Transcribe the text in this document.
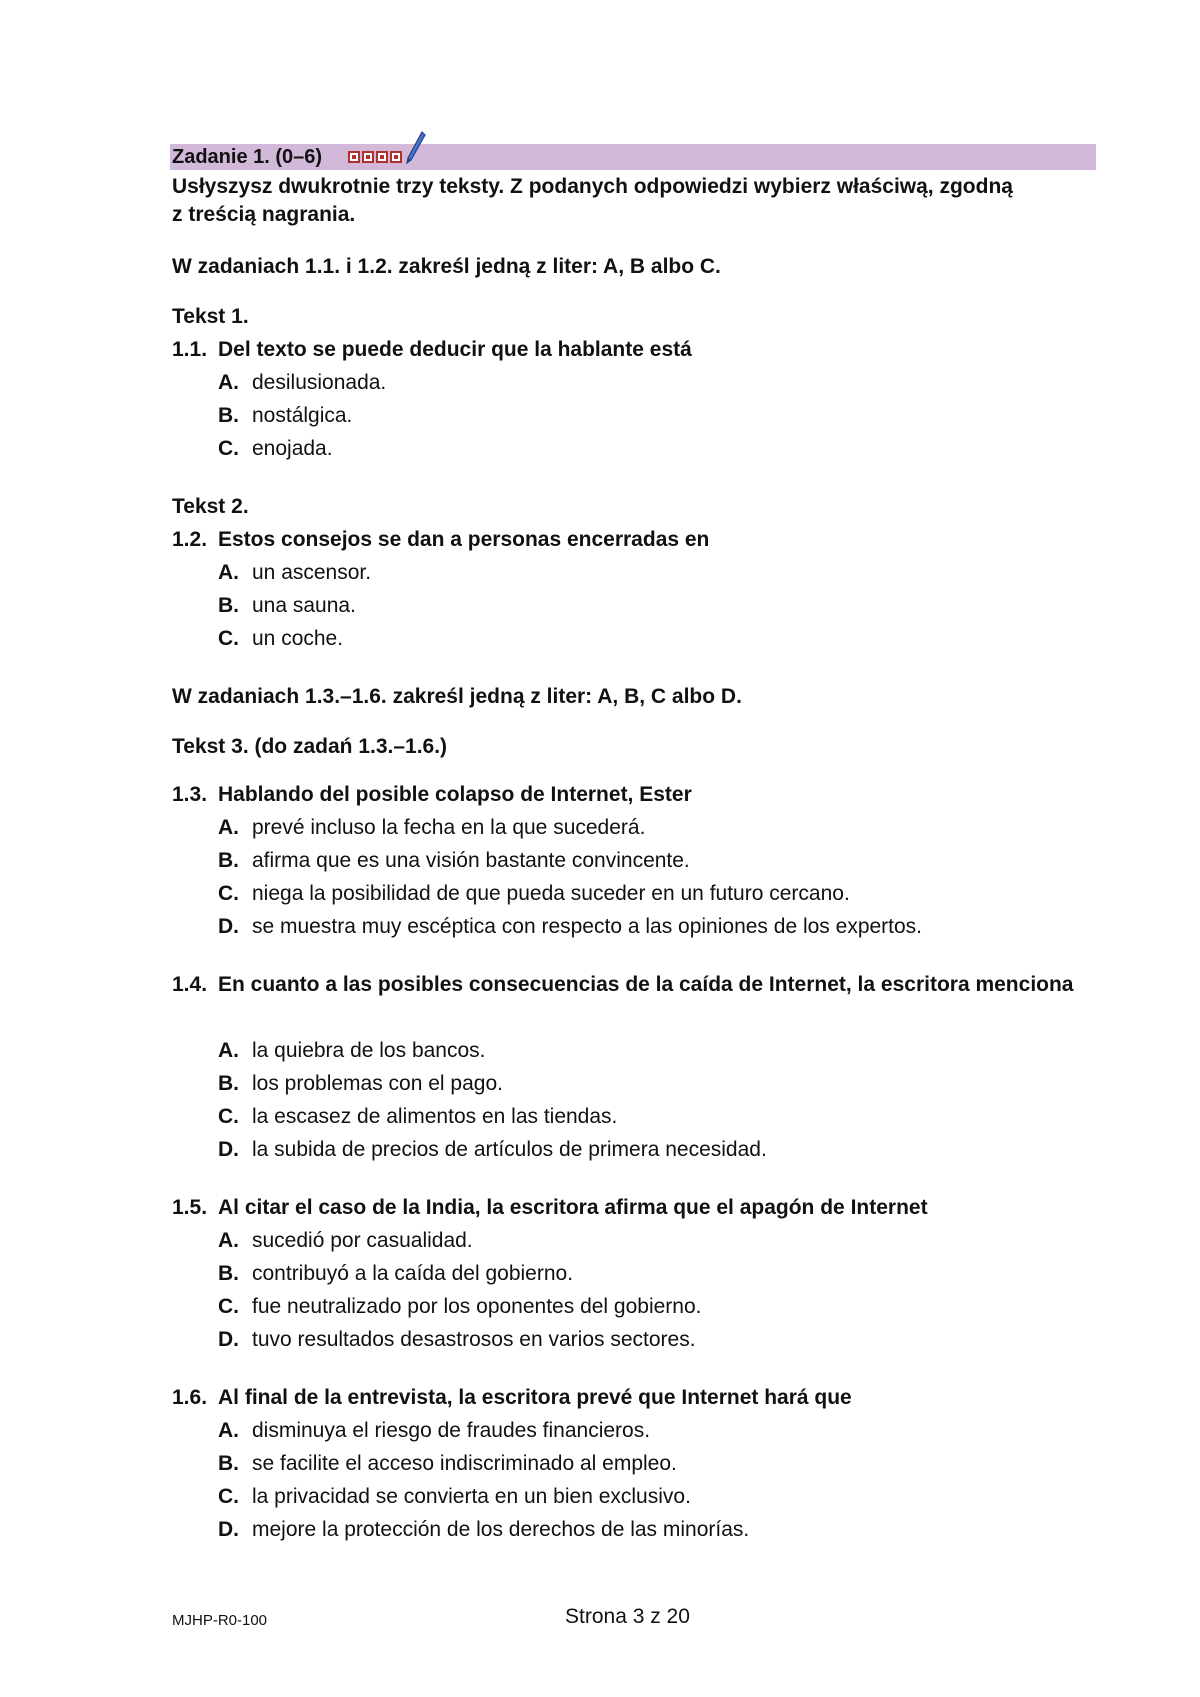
Zadanie 1. (0–6)
Usłyszysz dwukrotnie trzy teksty. Z podanych odpowiedzi wybierz właściwą, zgodną
z treścią nagrania.
W zadaniach 1.1. i 1.2. zakreśl jedną z liter: A, B albo C.
Tekst 1.
1.1. Del texto se puede deducir que la hablante está
A. desilusionada.
B. nostálgica.
C. enojada.
Tekst 2.
1.2. Estos consejos se dan a personas encerradas en
A. un ascensor.
B. una sauna.
C. un coche.
W zadaniach 1.3.–1.6. zakreśl jedną z liter: A, B, C albo D.
Tekst 3. (do zadań 1.3.–1.6.)
1.3. Hablando del posible colapso de Internet, Ester
A. prevé incluso la fecha en la que sucederá.
B. afirma que es una visión bastante convincente.
C. niega la posibilidad de que pueda suceder en un futuro cercano.
D. se muestra muy escéptica con respecto a las opiniones de los expertos.
1.4. En cuanto a las posibles consecuencias de la caída de Internet, la escritora menciona
A. la quiebra de los bancos.
B. los problemas con el pago.
C. la escasez de alimentos en las tiendas.
D. la subida de precios de artículos de primera necesidad.
1.5. Al citar el caso de la India, la escritora afirma que el apagón de Internet
A. sucedió por casualidad.
B. contribuyó a la caída del gobierno.
C. fue neutralizado por los oponentes del gobierno.
D. tuvo resultados desastrosos en varios sectores.
1.6. Al final de la entrevista, la escritora prevé que Internet hará que
A. disminuya el riesgo de fraudes financieros.
B. se facilite el acceso indiscriminado al empleo.
C. la privacidad se convierta en un bien exclusivo.
D. mejore la protección de los derechos de las minorías.
MJHP-R0-100	Strona 3 z 20
